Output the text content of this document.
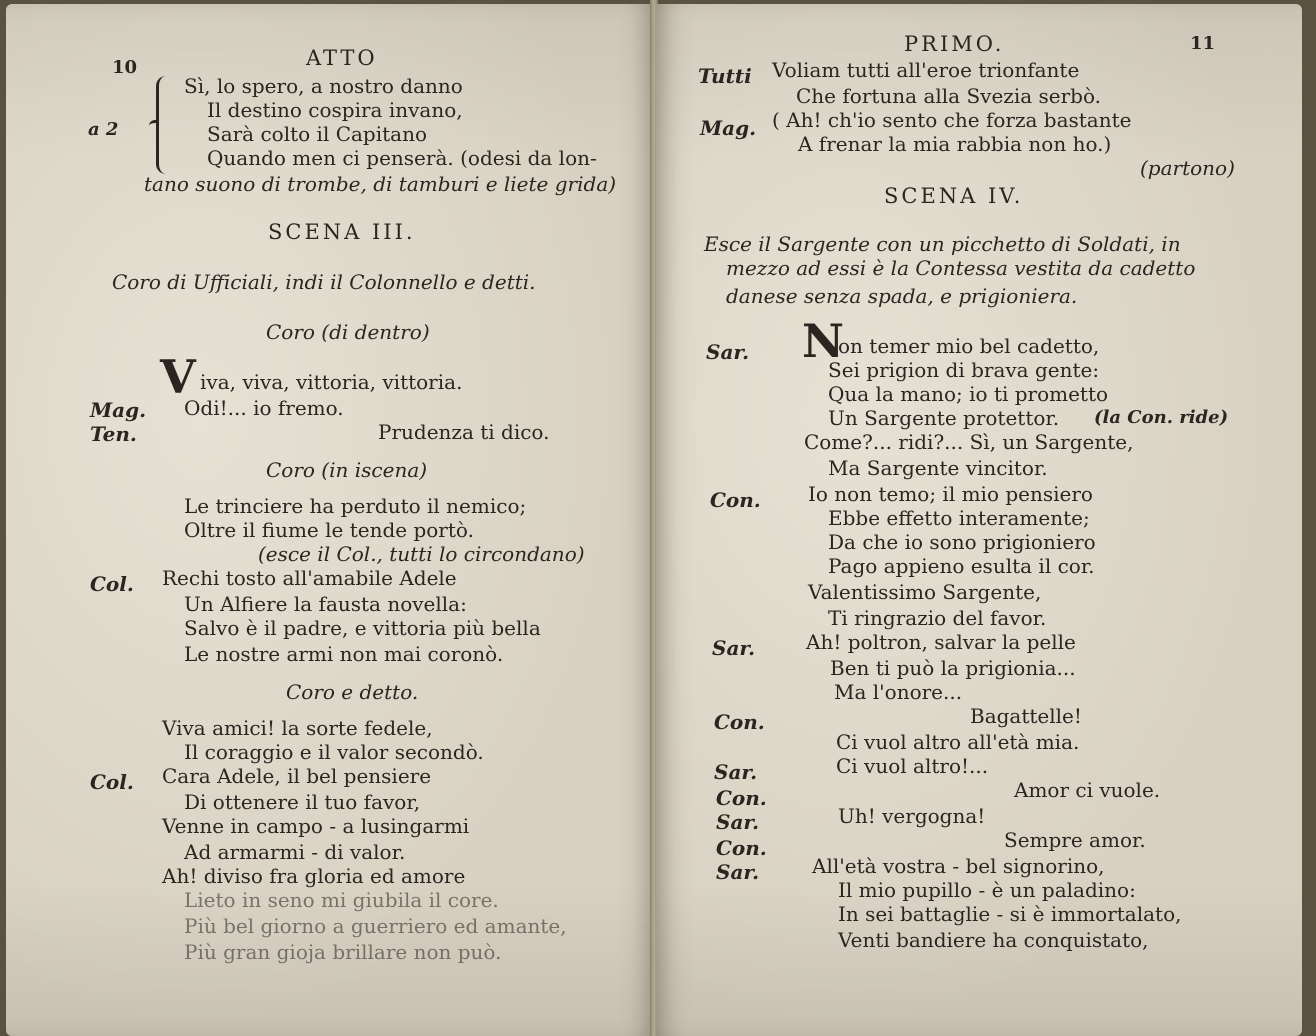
10	ATTO
a 2
Sì, lo spero, a nostro danno
Il destino cospira invano,
Sarà colto il Capitano
Quando men ci penserà. (odesi da lon-
tano suono di trombe, di tamburi e liete grida)
SCENA III.
Coro di Ufficiali, indi il Colonnello e detti.
Coro (di dentro)
V iva, viva, vittoria, vittoria.
Mag. Odi!... io fremo.
Ten.	Prudenza ti dico.
Coro (in iscena)
Le trinciere ha perduto il nemico;
Oltre il fiume le tende portò.
(esce il Col., tutti lo circondano)
Col. Rechi tosto all'amabile Adele
Un Alfiere la fausta novella:
Salvo è il padre, e vittoria più bella
Le nostre armi non mai coronò.
Coro e detto.
Viva amici! la sorte fedele,
Il coraggio e il valor secondò.
Col. Cara Adele, il bel pensiere
Di ottenere il tuo favor,
Venne in campo - a lusingarmi
Ad armarmi - di valor.
Ah! diviso fra gloria ed amore
Lieto in seno mi giubila il core.
Più bel giorno a guerriero ed amante,
Più gran gioja brillare non può.
PRIMO.	11
Tutti Voliam tutti all'eroe trionfante
Che fortuna alla Svezia serbò.
Mag. ( Ah! ch'io sento che forza bastante
A frenar la mia rabbia non ho.)
(partono)
SCENA IV.
Esce il Sargente con un picchetto di Soldati, in
mezzo ad essi è la Contessa vestita da cadetto
danese senza spada, e prigioniera.
Sar. N
on temer mio bel cadetto,
Sei prigion di brava gente:
Qua la mano; io ti prometto
Un Sargente protettor. (la Con. ride)
Come?... ridi?... Sì, un Sargente,
Ma Sargente vincitor.
Con. Io non temo; il mio pensiero
Ebbe effetto interamente;
Da che io sono prigioniero
Pago appieno esulta il cor.
Valentissimo Sargente,
Ti ringrazio del favor.
Sar.	Ah! poltron, salvar la pelle
Ben ti può la prigionia...
Ma l'onore...
Con.	Bagattelle!
Ci vuol altro all'età mia.
Sar.	Ci vuol altro!...
Con.	Amor ci vuole.
Sar.	Uh! vergogna!
Con.	Sempre amor.
Sar.	All'età vostra - bel signorino,
Il mio pupillo - è un paladino:
In sei battaglie - si è immortalato,
Venti bandiere ha conquistato,
